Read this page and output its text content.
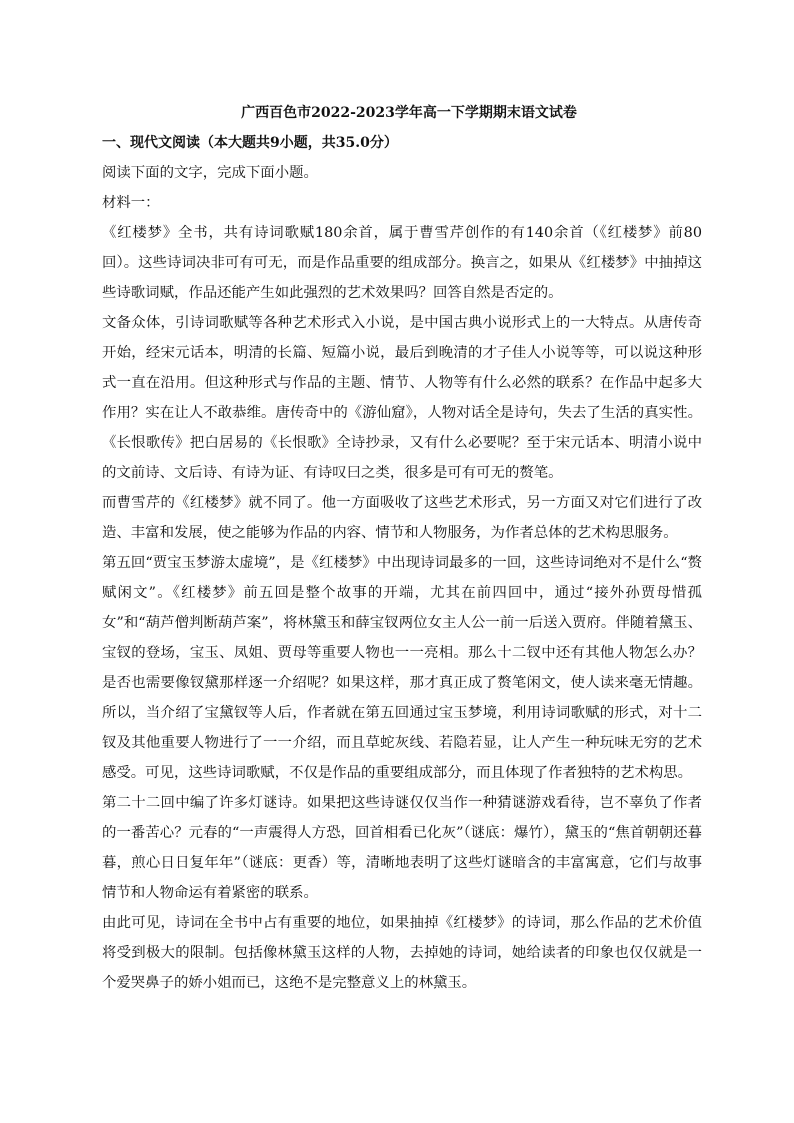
广西百色市2022-2023学年高一下学期期末语文试卷

一、现代文阅读（本大题共9小题，共35.0分）

阅读下面的文字，完成下面小题。

材料一：

《红楼梦》全书，共有诗词歌赋180余首，属于曹雪芹创作的有140余首（《红楼梦》前80回）。这些诗词决非可有可无，而是作品重要的组成部分。换言之，如果从《红楼梦》中抽掉这些诗歌词赋，作品还能产生如此强烈的艺术效果吗？回答自然是否定的。

文备众体，引诗词歌赋等各种艺术形式入小说，是中国古典小说形式上的一大特点。从唐传奇开始，经宋元话本，明清的长篇、短篇小说，最后到晚清的才子佳人小说等等，可以说这种形式一直在沿用。但这种形式与作品的主题、情节、人物等有什么必然的联系？在作品中起多大作用？实在让人不敢恭维。唐传奇中的《游仙窟》，人物对话全是诗句，失去了生活的真实性。《长恨歌传》把白居易的《长恨歌》全诗抄录，又有什么必要呢？至于宋元话本、明清小说中的文前诗、文后诗、有诗为证、有诗叹曰之类，很多是可有可无的赘笔。

而曹雪芹的《红楼梦》就不同了。他一方面吸收了这些艺术形式，另一方面又对它们进行了改造、丰富和发展，使之能够为作品的内容、情节和人物服务，为作者总体的艺术构思服务。

第五回“贾宝玉梦游太虚境”，是《红楼梦》中出现诗词最多的一回，这些诗词绝对不是什么“赘赋闲文”。《红楼梦》前五回是整个故事的开端，尤其在前四回中，通过“接外孙贾母惜孤女”和“葫芦僧判断葫芦案”，将林黛玉和薛宝钗两位女主人公一前一后送入贾府。伴随着黛玉、宝钗的登场，宝玉、凤姐、贾母等重要人物也一一亮相。那么十二钗中还有其他人物怎么办？是否也需要像钗黛那样逐一介绍呢？如果这样，那才真正成了赘笔闲文，使人读来毫无情趣。所以，当介绍了宝黛钗等人后，作者就在第五回通过宝玉梦境，利用诗词歌赋的形式，对十二钗及其他重要人物进行了一一介绍，而且草蛇灰线、若隐若显，让人产生一种玩味无穷的艺术感受。可见，这些诗词歌赋，不仅是作品的重要组成部分，而且体现了作者独特的艺术构思。

第二十二回中编了许多灯谜诗。如果把这些诗谜仅仅当作一种猜谜游戏看待，岂不辜负了作者的一番苦心？元春的“一声震得人方恐，回首相看已化灰”（谜底：爆竹），黛玉的“焦首朝朝还暮暮，煎心日日复年年”（谜底：更香）等，清晰地表明了这些灯谜暗含的丰富寓意，它们与故事情节和人物命运有着紧密的联系。

由此可见，诗词在全书中占有重要的地位，如果抽掉《红楼梦》的诗词，那么作品的艺术价值将受到极大的限制。包括像林黛玉这样的人物，去掉她的诗词，她给读者的印象也仅仅就是一个爱哭鼻子的娇小姐而已，这绝不是完整意义上的林黛玉。
